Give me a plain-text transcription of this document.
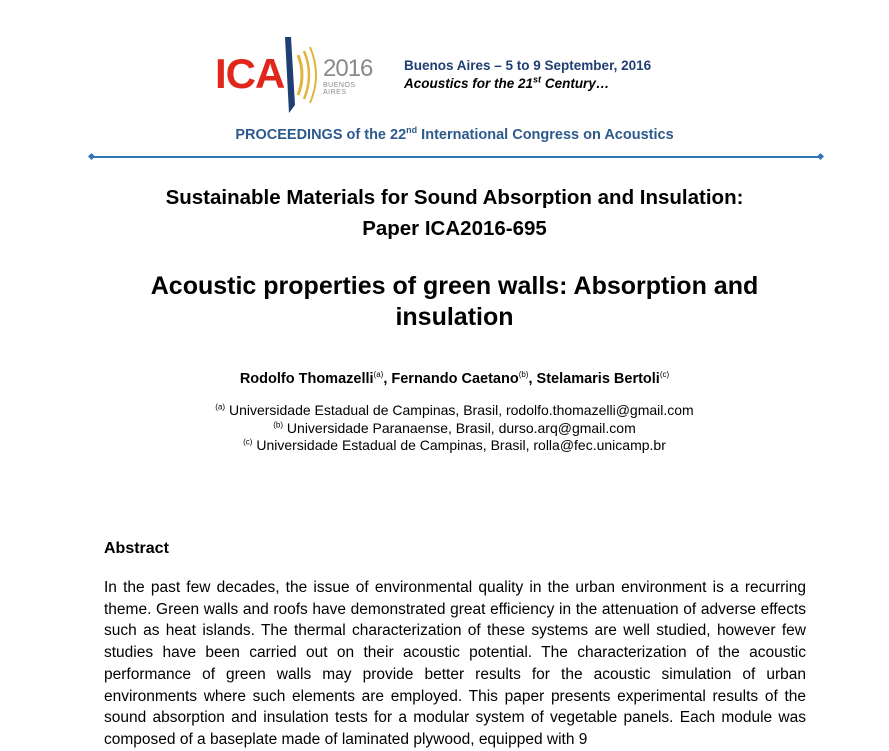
ICA 2016
BUENOS AIRES
Buenos Aires – 5 to 9 September, 2016
Acoustics for the 21st Century…
PROCEEDINGS of the 22nd International Congress on Acoustics
Sustainable Materials for Sound Absorption and Insulation:
Paper ICA2016-695
Acoustic properties of green walls: Absorption and
insulation
Rodolfo Thomazelli$^{(a)}$, Fernando Caetano$^{(b)}$, Stelamaris Bertoli$^{(c)}$
$^{(a)}$ Universidade Estadual de Campinas, Brasil, rodolfo.thomazelli@gmail.com
$^{(b)}$ Universidade Paranaense, Brasil, durso.arq@gmail.com
$^{(c)}$ Universidade Estadual de Campinas, Brasil, rolla@fec.unicamp.br
Abstract
In the past few decades, the issue of environmental quality in the urban environment is a recurring theme. Green walls and roofs have demonstrated great efficiency in the attenuation of adverse effects such as heat islands. The thermal characterization of these systems are well studied, however few studies have been carried out on their acoustic potential. The characterization of the acoustic performance of green walls may provide better results for the acoustic simulation of urban environments where such elements are employed. This paper presents experimental results of the sound absorption and insulation tests for a modular system of vegetable panels. Each module was composed of a baseplate made of laminated plywood, equipped with 9
